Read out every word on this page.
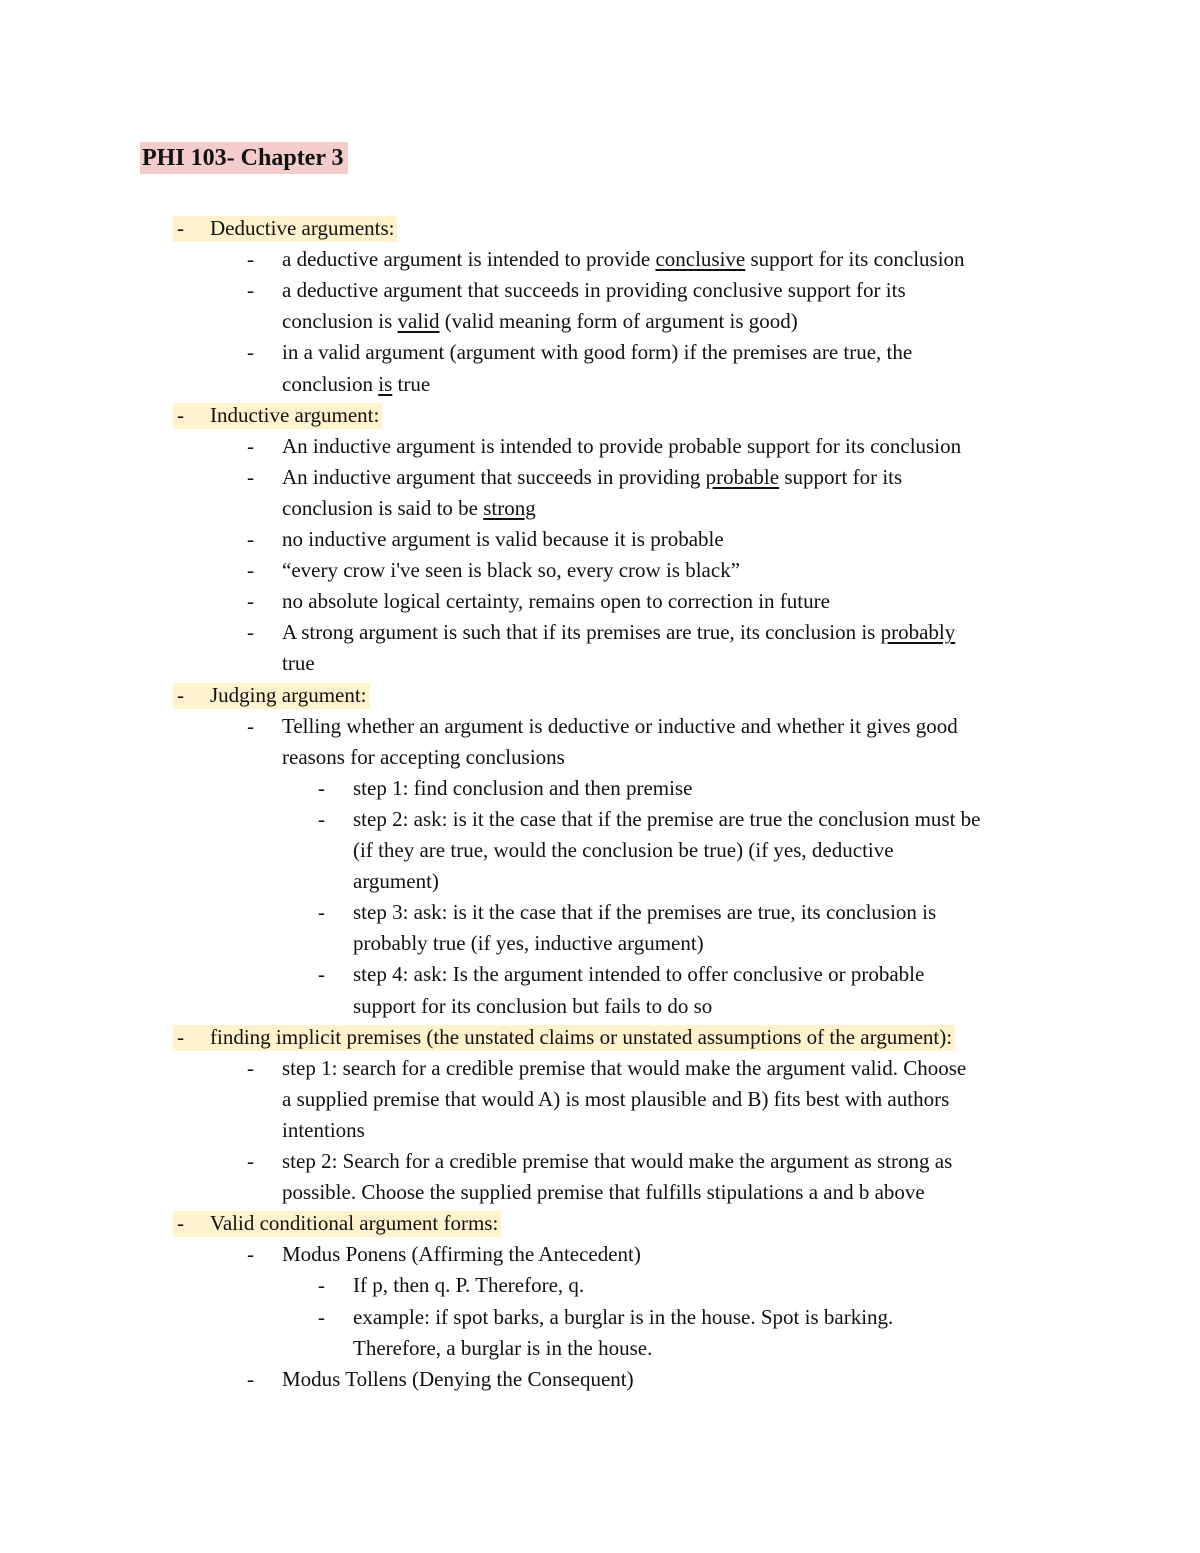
PHI 103- Chapter 3
- Deductive arguments:
- a deductive argument is intended to provide conclusive support for its conclusion
- a deductive argument that succeeds in providing conclusive support for its
conclusion is valid (valid meaning form of argument is good)
- in a valid argument (argument with good form) if the premises are true, the
conclusion is true
- Inductive argument:
- An inductive argument is intended to provide probable support for its conclusion
- An inductive argument that succeeds in providing probable support for its
conclusion is said to be strong
- no inductive argument is valid because it is probable
- “every crow i've seen is black so, every crow is black”
- no absolute logical certainty, remains open to correction in future
- A strong argument is such that if its premises are true, its conclusion is probably
true
- Judging argument:
- Telling whether an argument is deductive or inductive and whether it gives good
reasons for accepting conclusions
- step 1: find conclusion and then premise
- step 2: ask: is it the case that if the premise are true the conclusion must be
(if they are true, would the conclusion be true) (if yes, deductive
argument)
- step 3: ask: is it the case that if the premises are true, its conclusion is
probably true (if yes, inductive argument)
- step 4: ask: Is the argument intended to offer conclusive or probable
support for its conclusion but fails to do so
- finding implicit premises (the unstated claims or unstated assumptions of the argument):
- step 1: search for a credible premise that would make the argument valid. Choose
a supplied premise that would A) is most plausible and B) fits best with authors
intentions
- step 2: Search for a credible premise that would make the argument as strong as
possible. Choose the supplied premise that fulfills stipulations a and b above
- Valid conditional argument forms:
- Modus Ponens (Affirming the Antecedent)
- If p, then q. P. Therefore, q.
- example: if spot barks, a burglar is in the house. Spot is barking.
Therefore, a burglar is in the house.
- Modus Tollens (Denying the Consequent)
